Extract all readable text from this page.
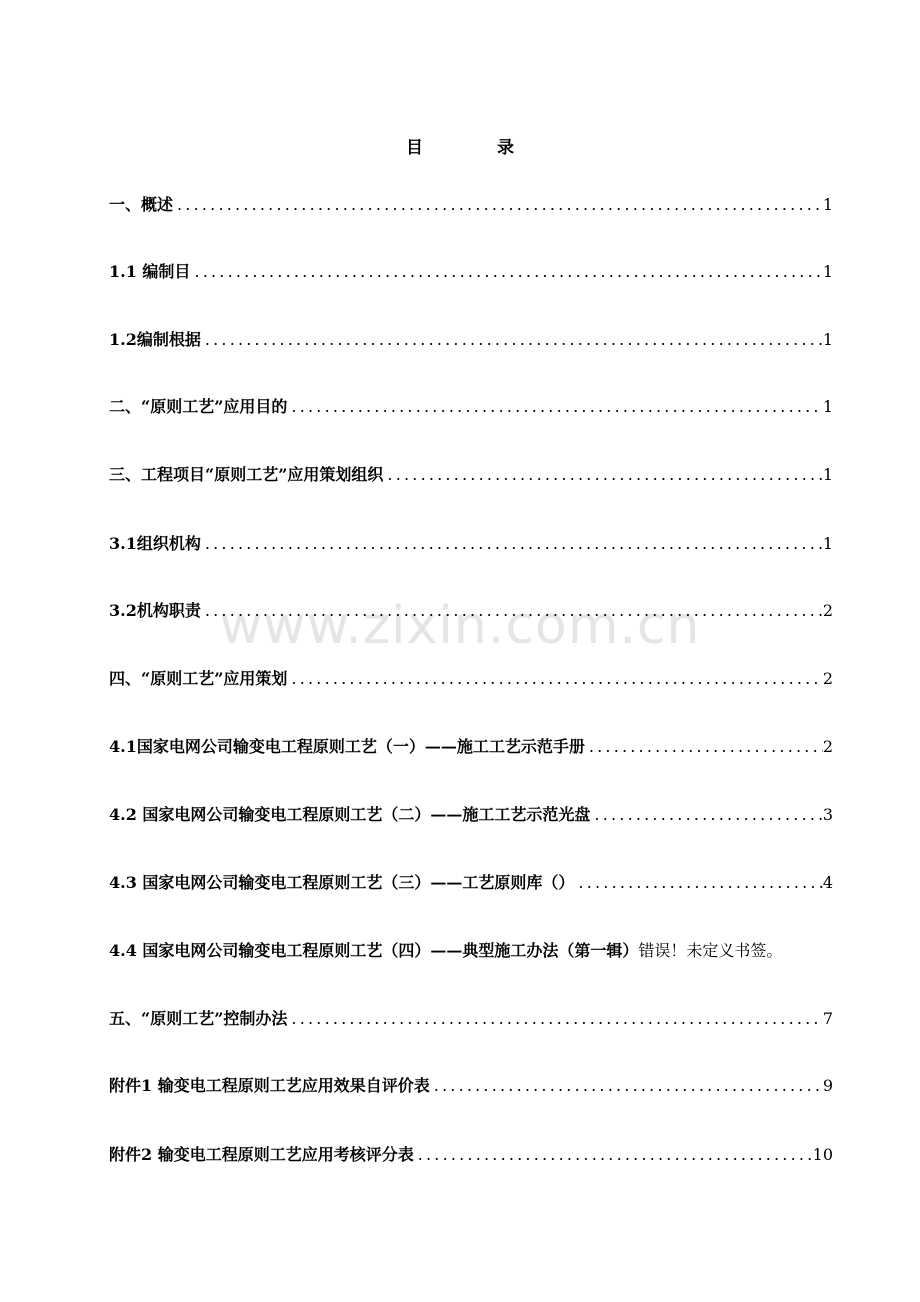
目	录
www.zixin.com.cn
一、概述 .....	1
1.1 编制目 .....	1
1.2编制根据 .....	1
二、“原则工艺”应用目的 .....	1
三、工程项目“原则工艺”应用策划组织 .....	1
3.1组织机构 .....	1
3.2机构职责 .....	2
四、“原则工艺”应用策划 .....	2
4.1国家电网公司输变电工程原则工艺（一）——施工工艺示范手册 .....	2
4.2 国家电网公司输变电工程原则工艺（二）——施工工艺示范光盘 .....	3
4.3 国家电网公司输变电工程原则工艺（三）——工艺原则库（） .....	4
4.4 国家电网公司输变电工程原则工艺（四）——典型施工办法（第一辑） 错误！未定义书签。
五、“原则工艺”控制办法 .....	7
附件1 输变电工程原则工艺应用效果自评价表 .....	9
附件2 输变电工程原则工艺应用考核评分表 .....	10
